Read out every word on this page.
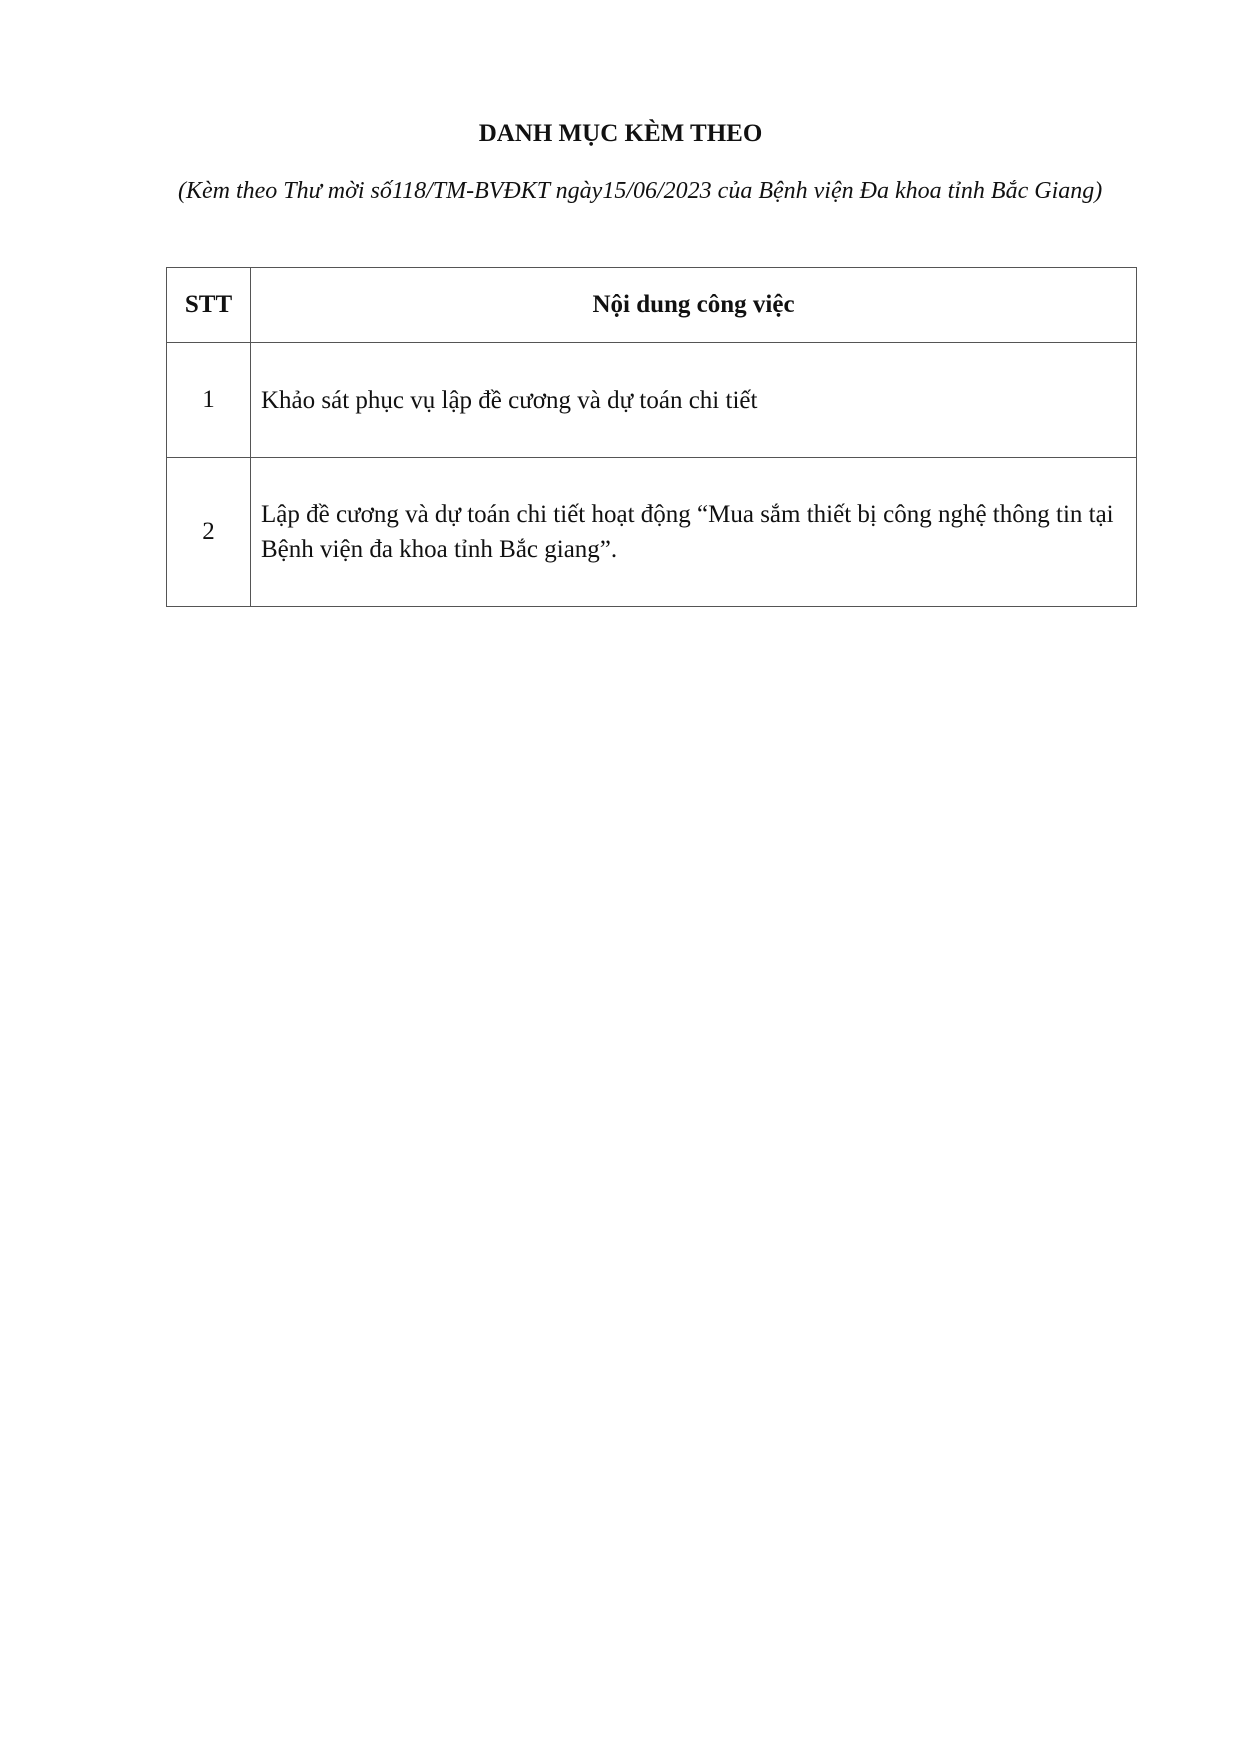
DANH MỤC KÈM THEO
(Kèm theo Thư mời số118/TM-BVĐKT ngày15/06/2023 của Bệnh viện Đa khoa tỉnh Bắc Giang)
STT	Nội dung công việc
1	Khảo sát phục vụ lập đề cương và dự toán chi tiết
2	Lập đề cương và dự toán chi tiết hoạt động “Mua sắm thiết bị công nghệ thông tin tại Bệnh viện đa khoa tỉnh Bắc giang”.
